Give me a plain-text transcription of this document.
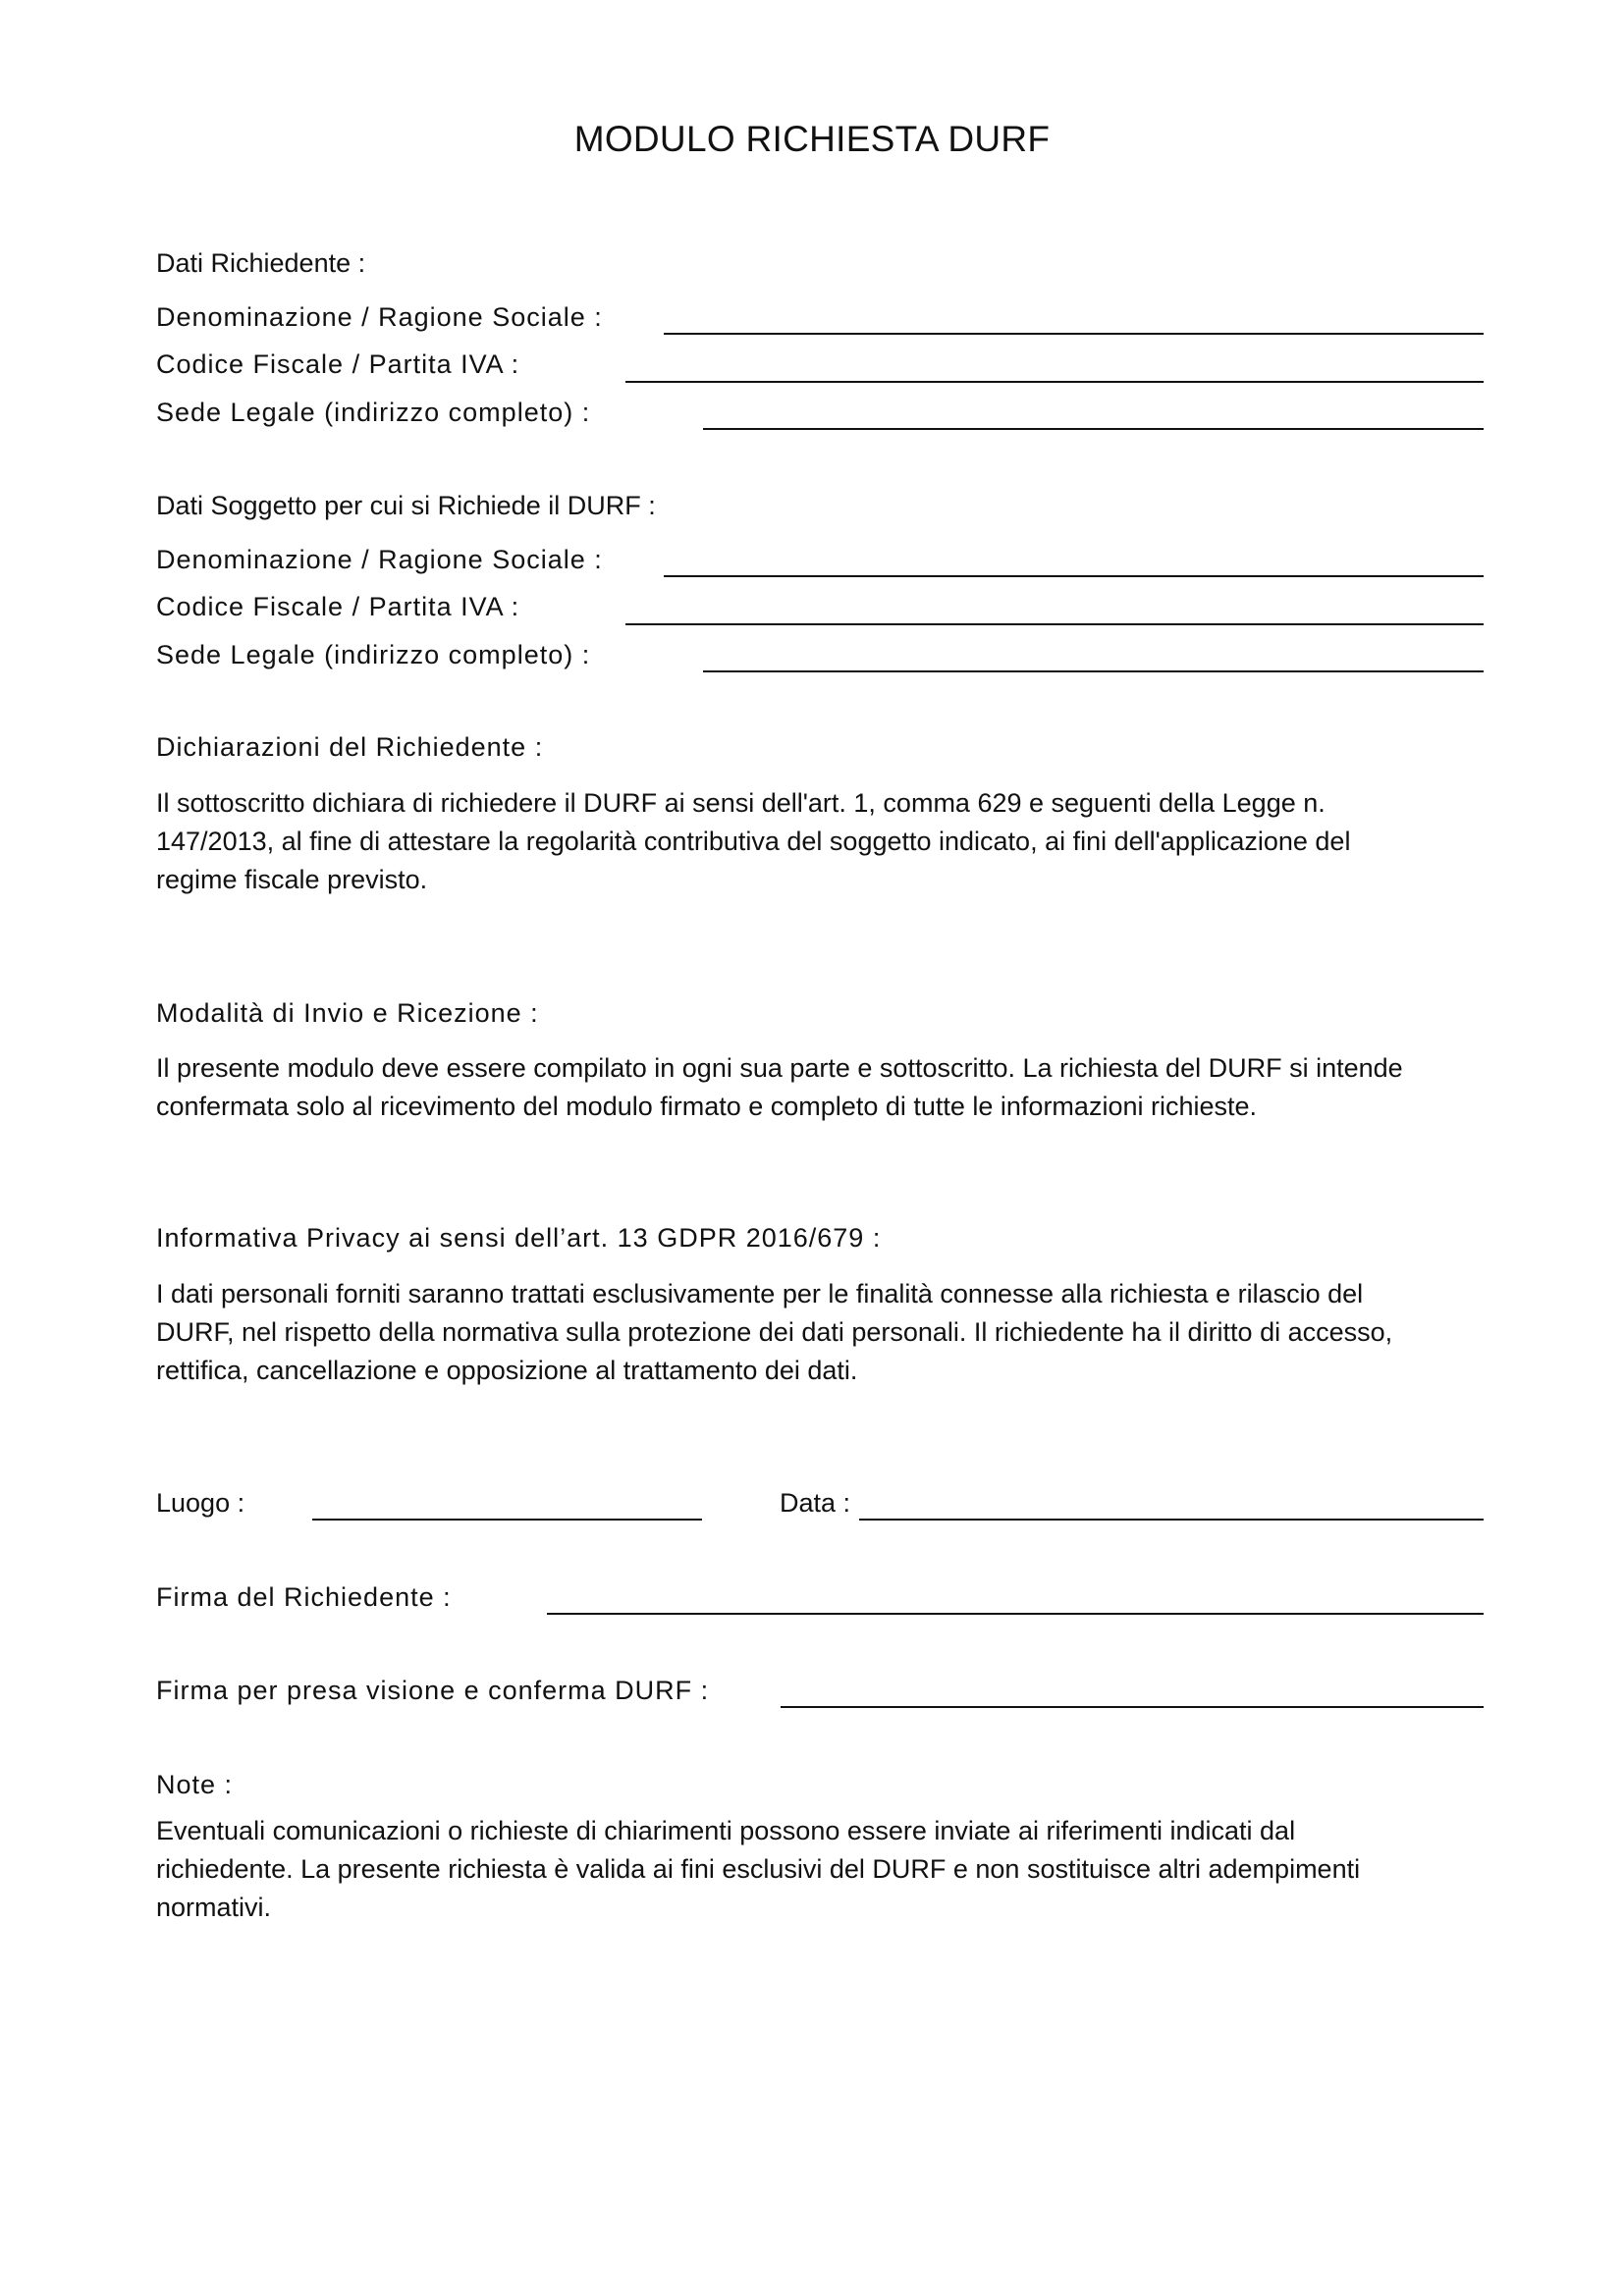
MODULO RICHIESTA DURF
Dati Richiedente :
Denominazione / Ragione Sociale :
Codice Fiscale / Partita IVA :
Sede Legale (indirizzo completo) :
Dati Soggetto per cui si Richiede il DURF :
Denominazione / Ragione Sociale :
Codice Fiscale / Partita IVA :
Sede Legale (indirizzo completo) :
Dichiarazioni del Richiedente :
Il sottoscritto dichiara di richiedere il DURF ai sensi dell'art. 1, comma 629 e seguenti della Legge n.
147/2013, al fine di attestare la regolarità contributiva del soggetto indicato, ai fini dell'applicazione del
regime fiscale previsto.
Modalità di Invio e Ricezione :
Il presente modulo deve essere compilato in ogni sua parte e sottoscritto. La richiesta del DURF si intende
confermata solo al ricevimento del modulo firmato e completo di tutte le informazioni richieste.
Informativa Privacy ai sensi dell’art. 13 GDPR 2016/679 :
I dati personali forniti saranno trattati esclusivamente per le finalità connesse alla richiesta e rilascio del
DURF, nel rispetto della normativa sulla protezione dei dati personali. Il richiedente ha il diritto di accesso,
rettifica, cancellazione e opposizione al trattamento dei dati.
Luogo :	Data :
Firma del Richiedente :
Firma per presa visione e conferma DURF :
Note :
Eventuali comunicazioni o richieste di chiarimenti possono essere inviate ai riferimenti indicati dal
richiedente. La presente richiesta è valida ai fini esclusivi del DURF e non sostituisce altri adempimenti
normativi.
